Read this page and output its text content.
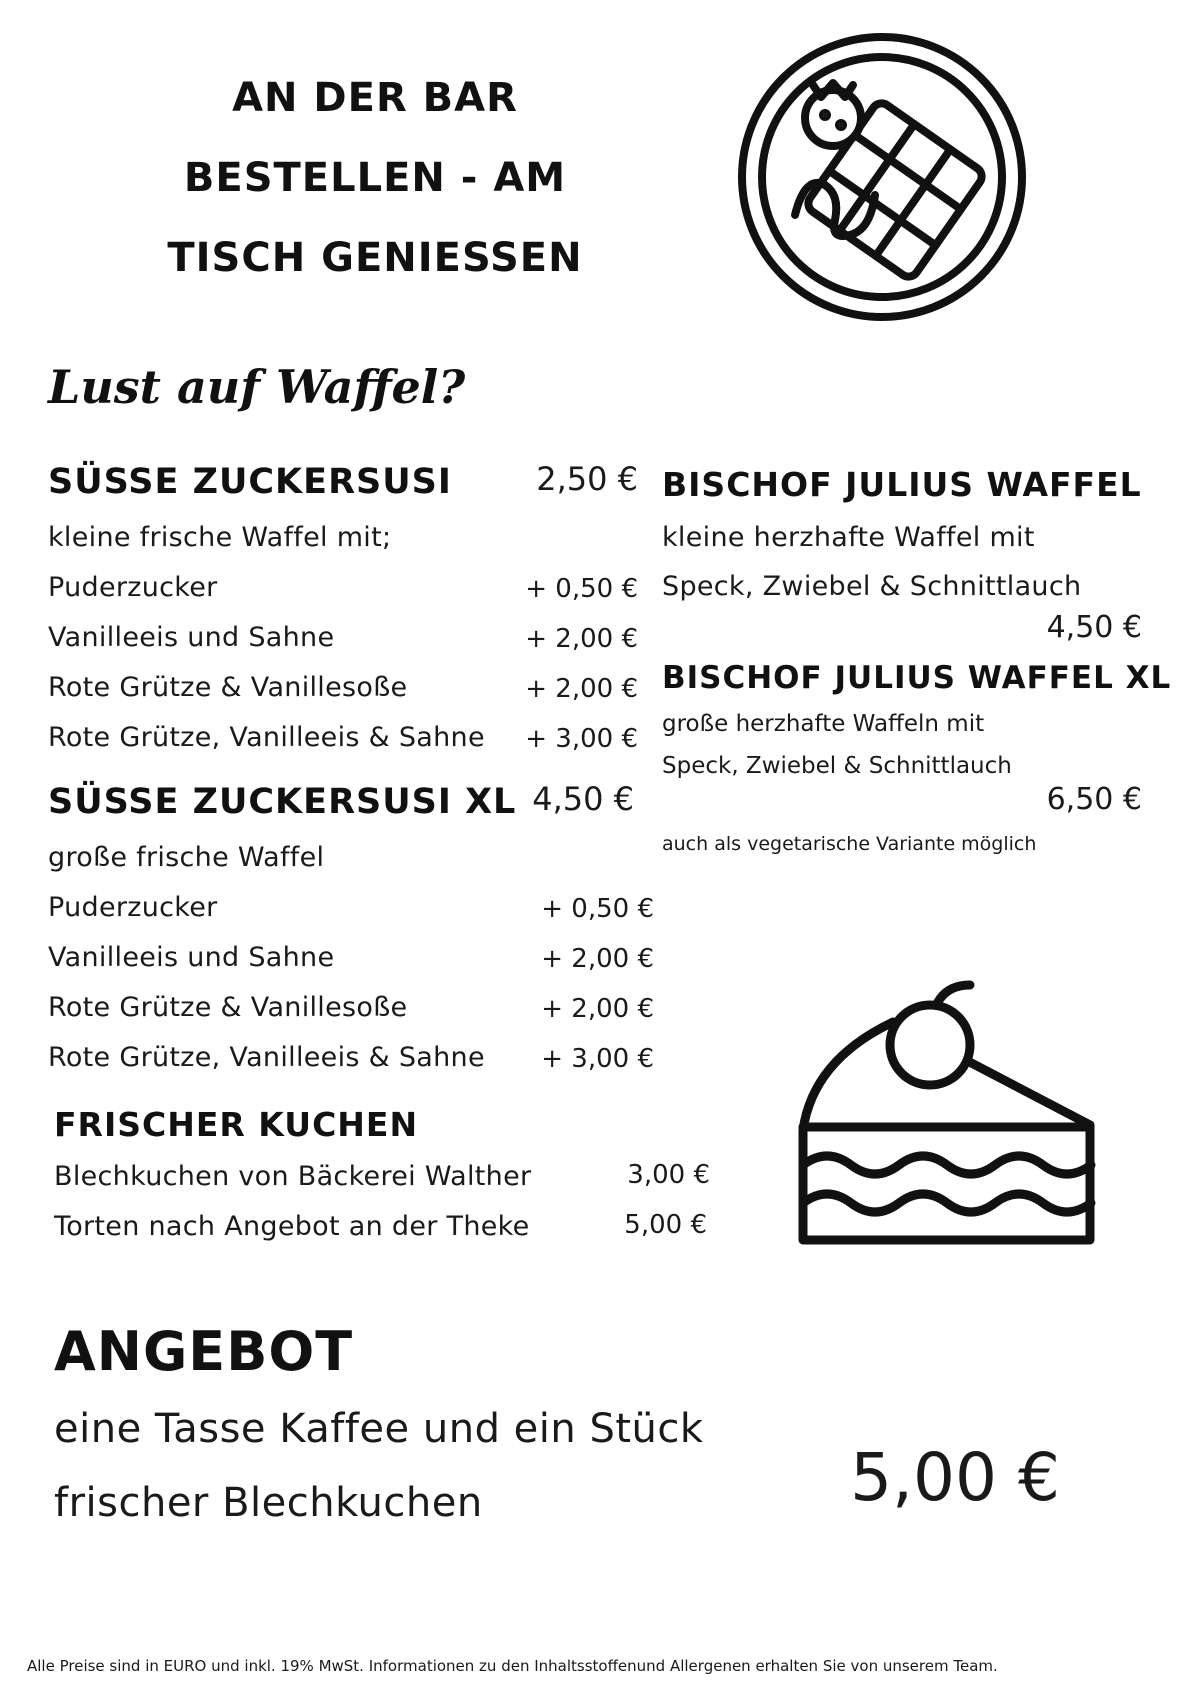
AN DER BAR
BESTELLEN - AM
TISCH GENIESSEN
Lust auf Waffel?
SÜSSE ZUCKERSUSI	2,50 €
kleine frische Waffel mit;
Puderzucker	+ 0,50 €
Vanilleeis und Sahne	+ 2,00 €
Rote Grütze & Vanillesoße	+ 2,00 €
Rote Grütze, Vanilleeis & Sahne	+ 3,00 €
SÜSSE ZUCKERSUSI XL 4,50 €
große frische Waffel
Puderzucker	+ 0,50 €
Vanilleeis und Sahne	+ 2,00 €
Rote Grütze & Vanillesoße	+ 2,00 €
Rote Grütze, Vanilleeis & Sahne	+ 3,00 €
BISCHOF JULIUS WAFFEL
kleine herzhafte Waffel mit
Speck, Zwiebel & Schnittlauch
4,50 €
BISCHOF JULIUS WAFFEL XL
große herzhafte Waffeln mit
Speck, Zwiebel & Schnittlauch
6,50 €
auch als vegetarische Variante möglich
FRISCHER KUCHEN
Blechkuchen von Bäckerei Walther	3,00 €
Torten nach Angebot an der Theke	5,00 €
ANGEBOT
eine Tasse Kaffee und ein Stück
frischer Blechkuchen	5,00 €
Alle Preise sind in EURO und inkl. 19% MwSt. Informationen zu den Inhaltsstoffenund Allergenen erhalten Sie von unserem Team.
